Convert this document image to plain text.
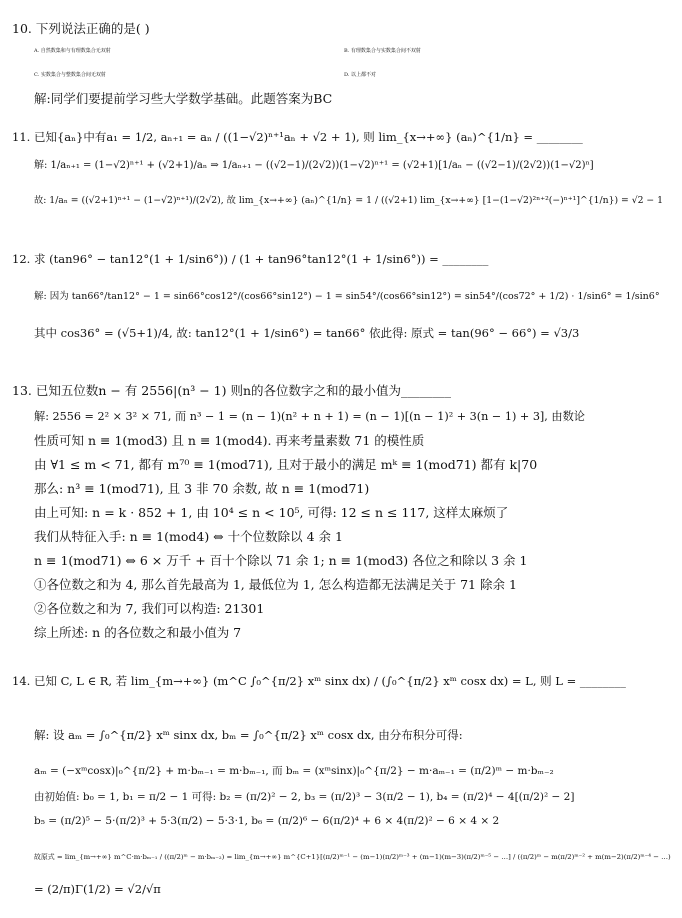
10. 下列说法正确的是( )
A. 自然数集和与有理数集合无双射	B. 有理数集合与实数集合间不双射
C. 实数集合与整数集合间无双射	D. 以上都不对
解:同学们要提前学习些大学数学基础。此题答案为BC
11. 已知{aₙ}中有a₁ = 1/2, aₙ₊₁ = aₙ / ((1−√2)ⁿ⁺¹aₙ + √2 + 1), 则 lim_{x→+∞} (aₙ)^{1/n} = ________
解: 1/aₙ₊₁ = (1−√2)ⁿ⁺¹ + (√2+1)/aₙ ⇒ 1/aₙ₊₁ − ((√2−1)/(2√2))(1−√2)ⁿ⁺¹ = (√2+1)[1/aₙ − ((√2−1)/(2√2))(1−√2)ⁿ]
故: 1/aₙ = ((√2+1)ⁿ⁺¹ − (1−√2)ⁿ⁺¹)/(2√2), 故 lim_{x→+∞} (aₙ)^{1/n} = 1 / ((√2+1) lim_{x→+∞} [1−(1−√2)²ⁿ⁺²(−)ⁿ⁺¹]^{1/n}) = √2 − 1
12. 求 (tan96° − tan12°(1 + 1/sin6°)) / (1 + tan96°tan12°(1 + 1/sin6°)) = ________
解: 因为 tan66°/tan12° − 1 = sin66°cos12°/(cos66°sin12°) − 1 = sin54°/(cos66°sin12°) = sin54°/(cos72° + 1/2) · 1/sin6° = 1/sin6°
其中 cos36° = (√5+1)/4, 故: tan12°(1 + 1/sin6°) = tan66° 依此得: 原式 = tan(96° − 66°) = √3/3
13. 已知五位数n − 有 2556|(n³ − 1) 则n的各位数字之和的最小值为________
解: 2556 = 2² × 3² × 71, 而 n³ − 1 = (n − 1)(n² + n + 1) = (n − 1)[(n − 1)² + 3(n − 1) + 3], 由数论
性质可知 n ≡ 1(mod3) 且 n ≡ 1(mod4). 再来考量素数 71 的模性质
由 ∀1 ≤ m < 71, 都有 m⁷⁰ ≡ 1(mod71), 且对于最小的满足 mᵏ ≡ 1(mod71) 都有 k|70
那么: n³ ≡ 1(mod71), 且 3 非 70 余数, 故 n ≡ 1(mod71)
由上可知: n = k · 852 + 1, 由 10⁴ ≤ n < 10⁵, 可得: 12 ≤ n ≤ 117, 这样太麻烦了
我们从特征入手: n ≡ 1(mod4) ⇔ 十个位数除以 4 余 1
n ≡ 1(mod71) ⇔ 6 × 万千 + 百十个除以 71 余 1; n ≡ 1(mod3) 各位之和除以 3 余 1
①各位数之和为 4, 那么首先最高为 1, 最低位为 1, 怎么构造都无法满足关于 71 除余 1
②各位数之和为 7, 我们可以构造: 21301
综上所述: n 的各位数之和最小值为 7
14. 已知 C, L ∈ R, 若 lim_{m→+∞} (m^C ∫₀^{π/2} xᵐ sinx dx) / (∫₀^{π/2} xᵐ cosx dx) = L, 则 L = ________
解: 设 aₘ = ∫₀^{π/2} xᵐ sinx dx, bₘ = ∫₀^{π/2} xᵐ cosx dx, 由分布积分可得:
aₘ = (−xᵐcosx)|₀^{π/2} + m·bₘ₋₁ = m·bₘ₋₁, 而 bₘ = (xᵐsinx)|₀^{π/2} − m·aₘ₋₁ = (π/2)ᵐ − m·bₘ₋₂
由初始值: b₀ = 1, b₁ = π/2 − 1 可得: b₂ = (π/2)² − 2, b₃ = (π/2)³ − 3(π/2 − 1), b₄ = (π/2)⁴ − 4[(π/2)² − 2]
b₅ = (π/2)⁵ − 5·(π/2)³ + 5·3(π/2) − 5·3·1, b₆ = (π/2)⁶ − 6(π/2)⁴ + 6 × 4(π/2)² − 6 × 4 × 2
故原式 = lim_{m→+∞} m^C·m·bₘ₋₁ / ((π/2)ᵐ − m·bₘ₋₂) = lim_{m→+∞} m^{C+1}[(π/2)ᵐ⁻¹ − (m−1)(π/2)ᵐ⁻³ + (m−1)(m−3)(π/2)ᵐ⁻⁵ − …] / ((π/2)ᵐ − m(π/2)ᵐ⁻² + m(m−2)(π/2)ᵐ⁻⁴ − …)
= (2/π)Γ(1/2) = √2/√π
